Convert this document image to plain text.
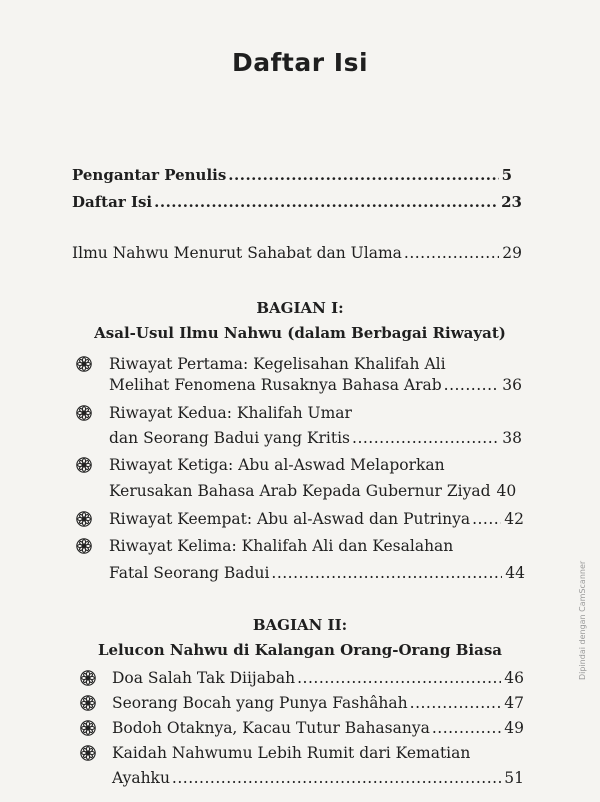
Daftar Isi
Pengantar Penulis .....	5
Daftar Isi .....	23
Ilmu Nahwu Menurut Sahabat dan Ulama .....	29
BAGIAN I:
Asal-Usul Ilmu Nahwu (dalam Berbagai Riwayat)
Riwayat Pertama: Kegelisahan Khalifah Ali
Melihat Fenomena Rusaknya Bahasa Arab .....	36
Riwayat Kedua: Khalifah Umar
dan Seorang Badui yang Kritis .....	38
Riwayat Ketiga: Abu al-Aswad Melaporkan
Kerusakan Bahasa Arab Kepada Gubernur Ziyad 40
Riwayat Keempat: Abu al-Aswad dan Putrinya ..... 42
Riwayat Kelima: Khalifah Ali dan Kesalahan
Fatal Seorang Badui .....	44
BAGIAN II:
Lelucon Nahwu di Kalangan Orang-Orang Biasa
Doa Salah Tak Diijabah .....	46
Seorang Bocah yang Punya Fashâhah .....	47
Bodoh Otaknya, Kacau Tutur Bahasanya .....	49
Kaidah Nahwumu Lebih Rumit dari Kematian
Ayahku .....	51
Dipindai dengan CamScanner
